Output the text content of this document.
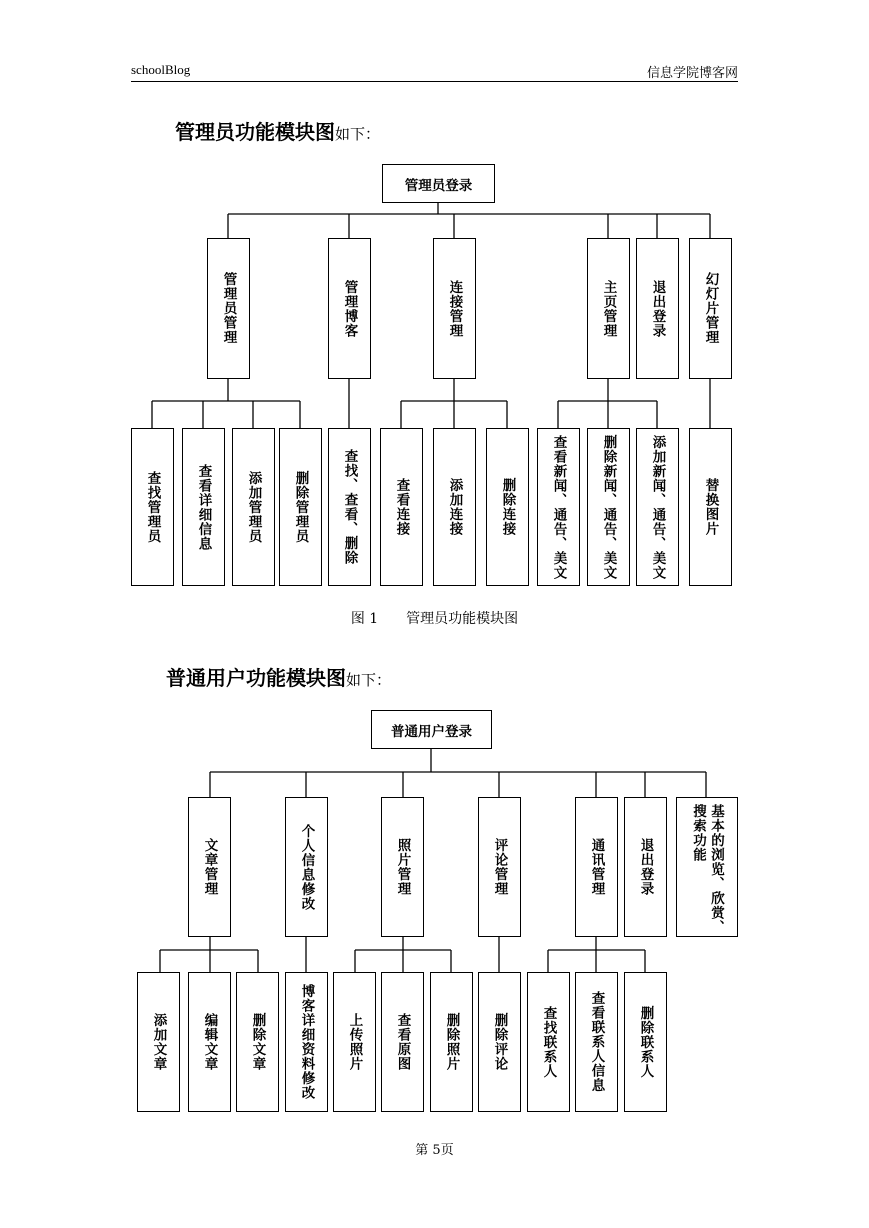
schoolBlog	信息学院博客网
管理员功能模块图如下：
管理员登录
管理员管理	管理博客	连接管理	主页管理 退出登录	幻灯片管理
查找管理员	查看详细信息	添加管理员 删除管理员 查找、查看、删除	查看连接	添加连接	删除连接	查看新闻、通告、美文	删除新闻、通告、美文 添加新闻、通告、美文	替换图片
图 1 管理员功能模块图
普通用户功能模块图如下：
普通用户登录
文章管理	个人信息修改	照片管理	评论管理	通讯管理 退出登录	基本的浏览、欣赏、搜索功能
添加文章	编辑文章 删除文章 博客详细资料修改 上传照片 查看原图 删除照片 删除评论 查找联系人 查看联系人信息 删除联系人
第 5页
